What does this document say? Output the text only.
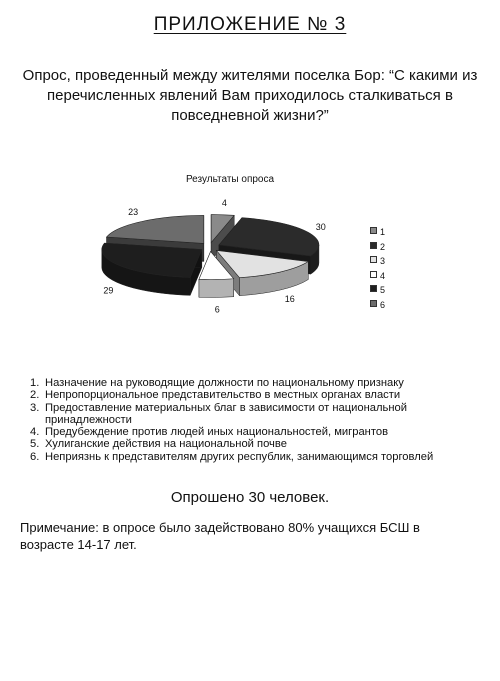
ПРИЛОЖЕНИЕ № 3
Опрос, проведенный между жителями поселка Бор: “С какими из перечисленных явлений Вам приходилось сталкиваться в повседневной жизни?”
Результаты опроса
4
30
16
6
29
23
1
2
3
4
5
6
1. Назначение на руководящие должности по национальному признаку
2. Непропорциональное представительство в местных органах власти
3. Предоставление материальных благ в зависимости от национальной принадлежности
4. Предубеждение против людей иных национальностей, мигрантов
5. Хулиганские действия на национальной почве
6. Неприязнь к представителям других республик, занимающимся торговлей
Опрошено 30 человек.
Примечание: в опросе было задействовано 80% учащихся БСШ в возрасте 14-17 лет.
